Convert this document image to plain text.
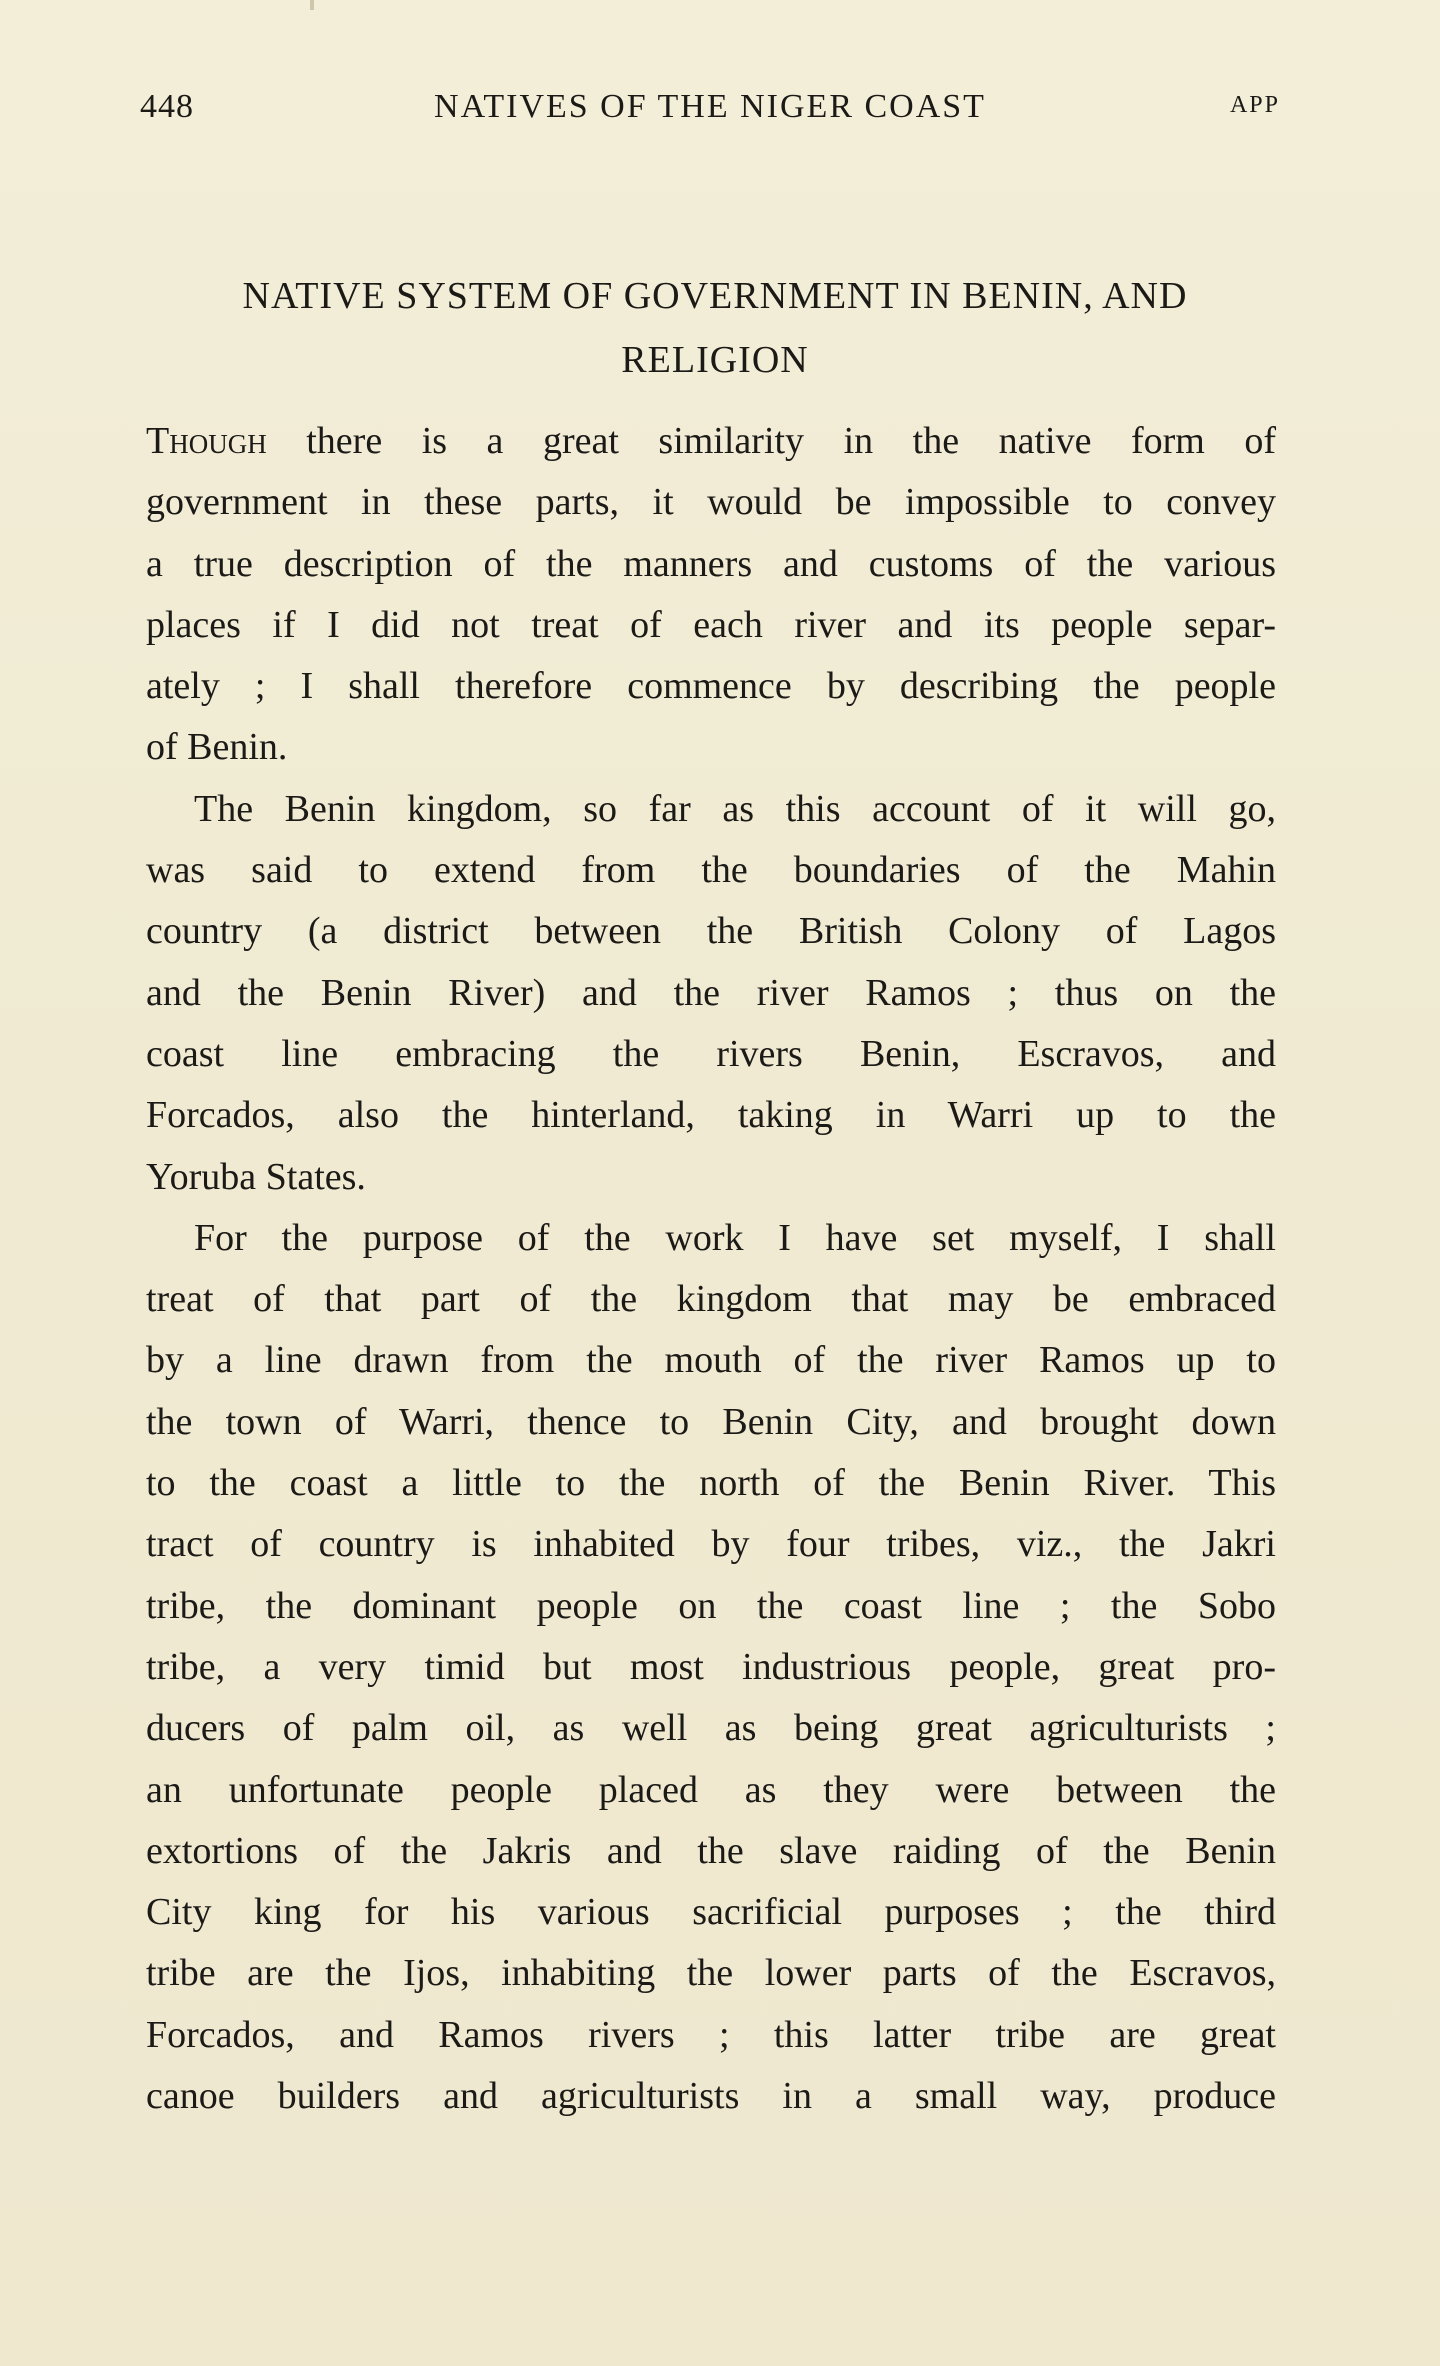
448	NATIVES OF THE NIGER COAST	APP
NATIVE SYSTEM OF GOVERNMENT IN BENIN, AND
RELIGION
Though there is a great similarity in the native form of
government in these parts, it would be impossible to convey
a true description of the manners and customs of the various
places if I did not treat of each river and its people separ-
ately ; I shall therefore commence by describing the people
of Benin.
The Benin kingdom, so far as this account of it will go,
was said to extend from the boundaries of the Mahin
country (a district between the British Colony of Lagos
and the Benin River) and the river Ramos ; thus on the
coast line embracing the rivers Benin, Escravos, and
Forcados, also the hinterland, taking in Warri up to the
Yoruba States.
For the purpose of the work I have set myself, I shall
treat of that part of the kingdom that may be embraced
by a line drawn from the mouth of the river Ramos up to
the town of Warri, thence to Benin City, and brought down
to the coast a little to the north of the Benin River. This
tract of country is inhabited by four tribes, viz., the Jakri
tribe, the dominant people on the coast line ; the Sobo
tribe, a very timid but most industrious people, great pro-
ducers of palm oil, as well as being great agriculturists ;
an unfortunate people placed as they were between the
extortions of the Jakris and the slave raiding of the Benin
City king for his various sacrificial purposes ; the third
tribe are the Ijos, inhabiting the lower parts of the Escravos,
Forcados, and Ramos rivers ; this latter tribe are great
canoe builders and agriculturists in a small way, produce
